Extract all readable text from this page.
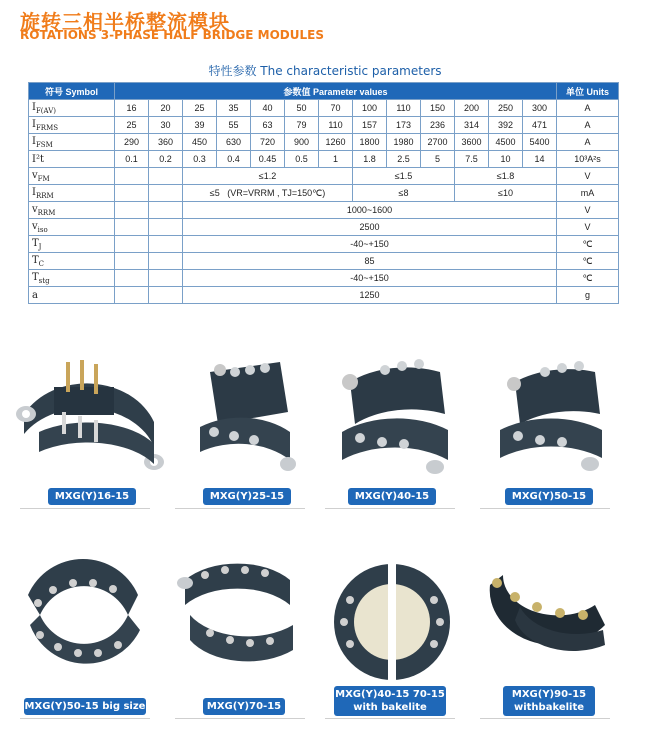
旋转三相半桥整流模块
ROTATIONS 3-PHASE HALF BRIDGE MODULES
特性参数 The characteristic parameters
符号 Symbol	参数值 Parameter values													单位 Units
$I_{F(AV)}$	16	20	25	35	40	50	70	100	110	150	200	250	300	A
$I_{FRMS}$	25	30	39	55	63	79	110	157	173	236	314	392	471	A
$I_{FSM}$	290	360	450	630	720	900	1260	1800	1980	2700	3600	4500	5400	A
I²t	0.1	0.2	0.3	0.4	0.45	0.5	1	1.8	2.5	5	7.5	10	14	10³A²s
$v_{FM}$			≤1.2					≤1.5			≤1.8			V
$I_{RRM}$			≤5 (VR=VRRM , TJ=150℃)					≤8			≤10			mA
$v_{RRM}$			1000~1600											V
$v_{iso}$			2500											V
$T_J$			-40~+150											℃
$T_C$			85											℃
$T_{stg}$			-40~+150											℃
a			1250											g
MXG(Y)16-15	MXG(Y)25-15	MXG(Y)40-15	MXG(Y)50-15
MXG(Y)50-15 big size	MXG(Y)70-15
MXG(Y)40-15 70-15
with bakelite
MXG(Y)90-15
withbakelite
